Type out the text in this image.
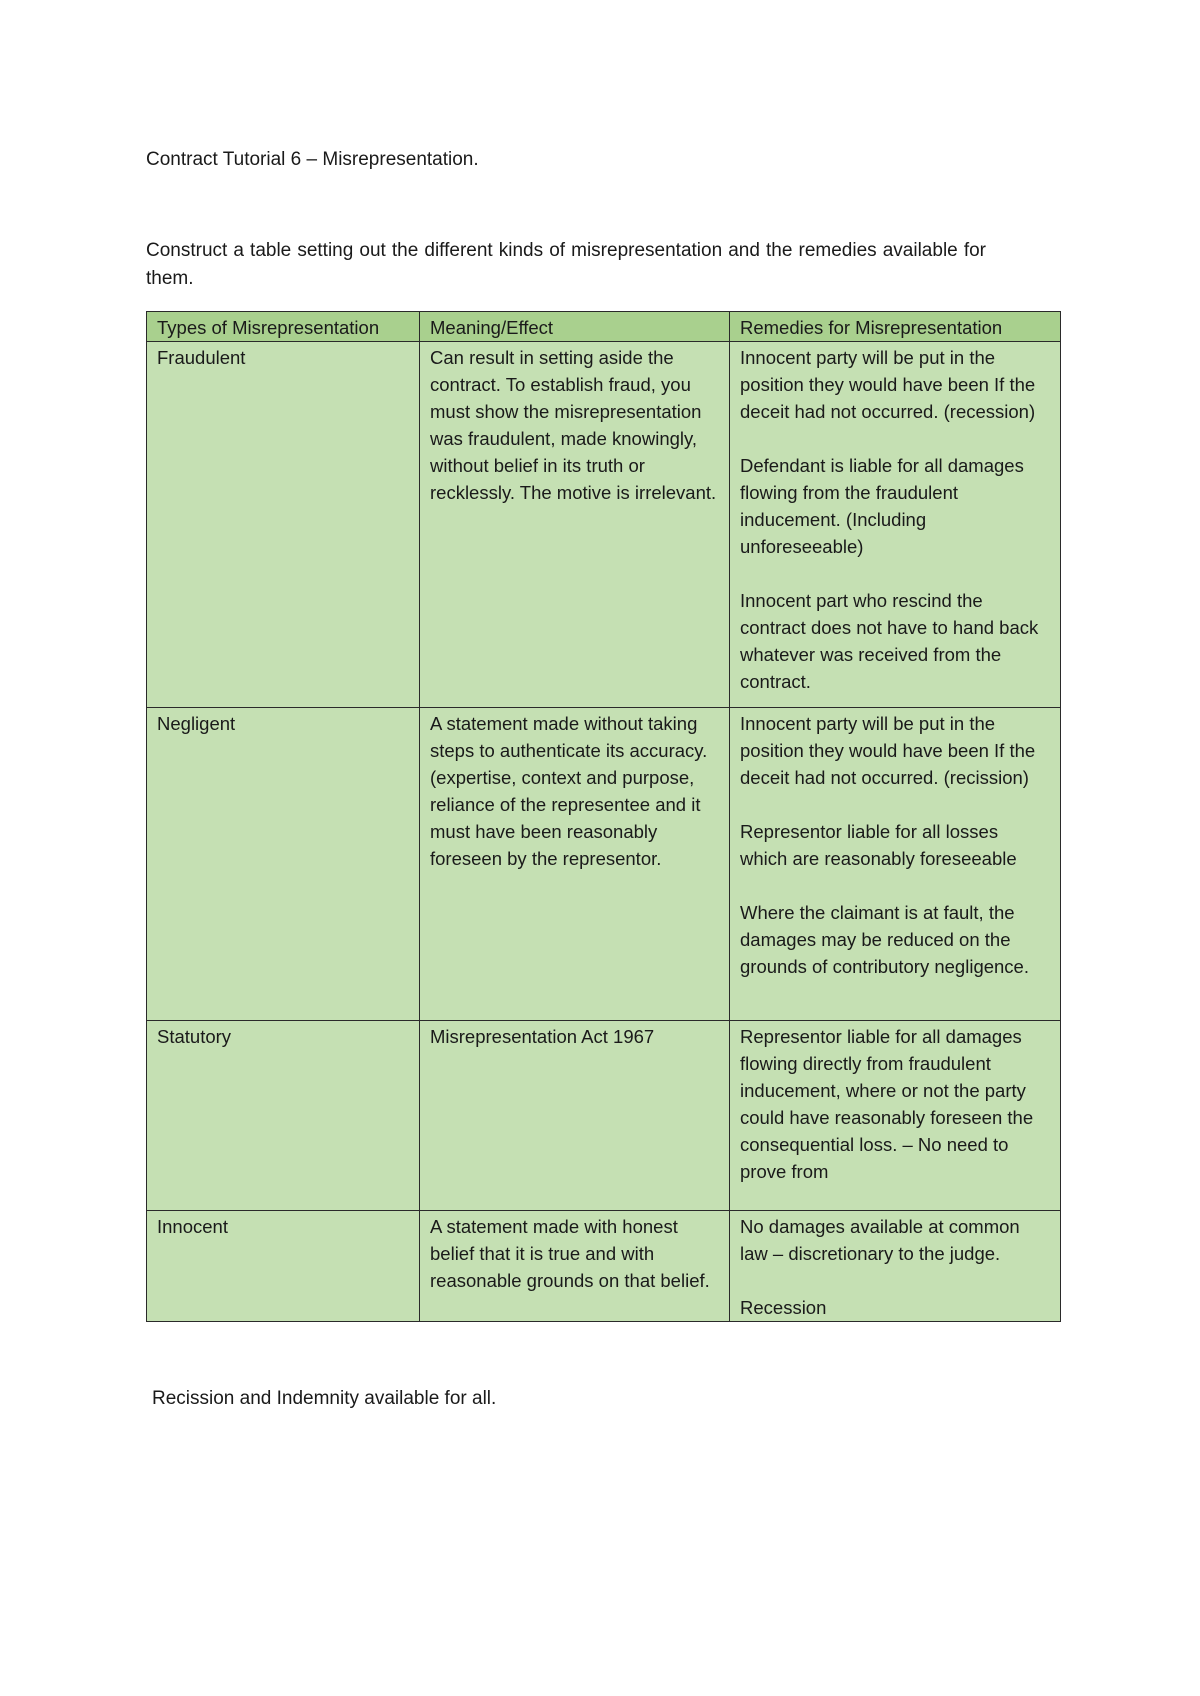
Contract Tutorial 6 – Misrepresentation.

Construct a table setting out the different kinds of misrepresentation and the remedies available for them.

Types of Misrepresentation	Meaning/Effect	Remedies for Misrepresentation
Fraudulent	Can result in setting aside the contract. To establish fraud, you must show the misrepresentation was fraudulent, made knowingly, without belief in its truth or recklessly. The motive is irrelevant.	Innocent party will be put in the position they would have been If the deceit had not occurred. (recession)

Defendant is liable for all damages flowing from the fraudulent inducement. (Including unforeseeable)

Innocent part who rescind the contract does not have to hand back whatever was received from the contract.
Negligent	A statement made without taking steps to authenticate its accuracy. (expertise, context and purpose, reliance of the representee and it must have been reasonably foreseen by the representor.	Innocent party will be put in the position they would have been If the deceit had not occurred. (recission)

Representor liable for all losses which are reasonably foreseeable

Where the claimant is at fault, the damages may be reduced on the grounds of contributory negligence.
Statutory	Misrepresentation Act 1967	Representor liable for all damages flowing directly from fraudulent inducement, where or not the party could have reasonably foreseen the consequential loss. – No need to prove from
Innocent	A statement made with honest belief that it is true and with reasonable grounds on that belief.	No damages available at common law – discretionary to the judge.

Recession

Recission and Indemnity available for all.
